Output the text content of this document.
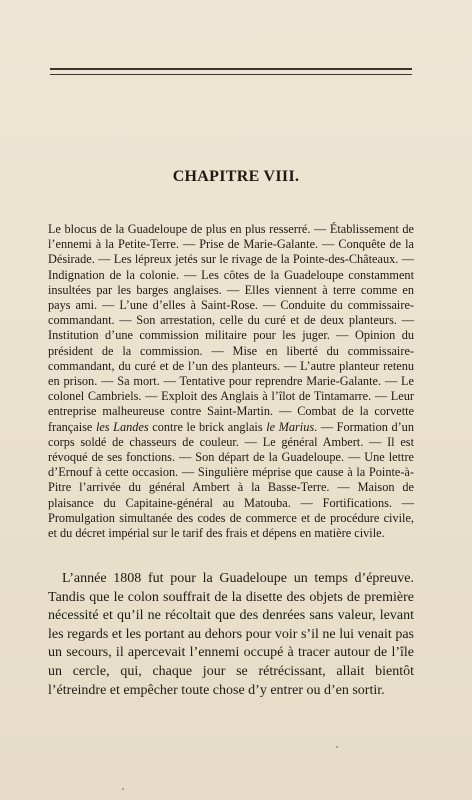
CHAPITRE VIII.

Le blocus de la Guadeloupe de plus en plus resserré. — Établissement de l’ennemi à la Petite-Terre. — Prise de Marie-Galante. — Conquête de la Désirade. — Les lépreux jetés sur le rivage de la Pointe-des-Châteaux. — Indignation de la colonie. — Les côtes de la Guadeloupe constamment insultées par les barges anglaises. — Elles viennent à terre comme en pays ami. — L’une d’elles à Saint-Rose. — Conduite du commissaire-commandant. — Son arrestation, celle du curé et de deux planteurs. — Institution d’une commission militaire pour les juger. — Opinion du président de la commission. — Mise en liberté du commissaire-commandant, du curé et de l’un des planteurs. — L’autre planteur retenu en prison. — Sa mort. — Tentative pour reprendre Marie-Galante. — Le colonel Cambriels. — Exploit des Anglais à l’îlot de Tintamarre. — Leur entreprise malheureuse contre Saint-Martin. — Combat de la corvette française les Landes contre le brick anglais le Marius. — Formation d’un corps soldé de chasseurs de couleur. — Le général Ambert. — Il est révoqué de ses fonctions. — Son départ de la Guadeloupe. — Une lettre d’Ernouf à cette occasion. — Singulière méprise que cause à la Pointe-à-Pitre l’arrivée du général Ambert à la Basse-Terre. — Maison de plaisance du Capitaine-général au Matouba. — Fortifications. — Promulgation simultanée des codes de commerce et de procédure civile, et du décret impérial sur le tarif des frais et dépens en matière civile.

L’année 1808 fut pour la Guadeloupe un temps d’épreuve. Tandis que le colon souffrait de la disette des objets de première nécessité et qu’il ne récoltait que des denrées sans valeur, levant les regards et les portant au dehors pour voir s’il ne lui venait pas un secours, il apercevait l’ennemi occupé à tracer autour de l’île un cercle, qui, chaque jour se rétrécissant, allait bientôt l’étreindre et empêcher toute chose d’y entrer ou d’en sortir.
